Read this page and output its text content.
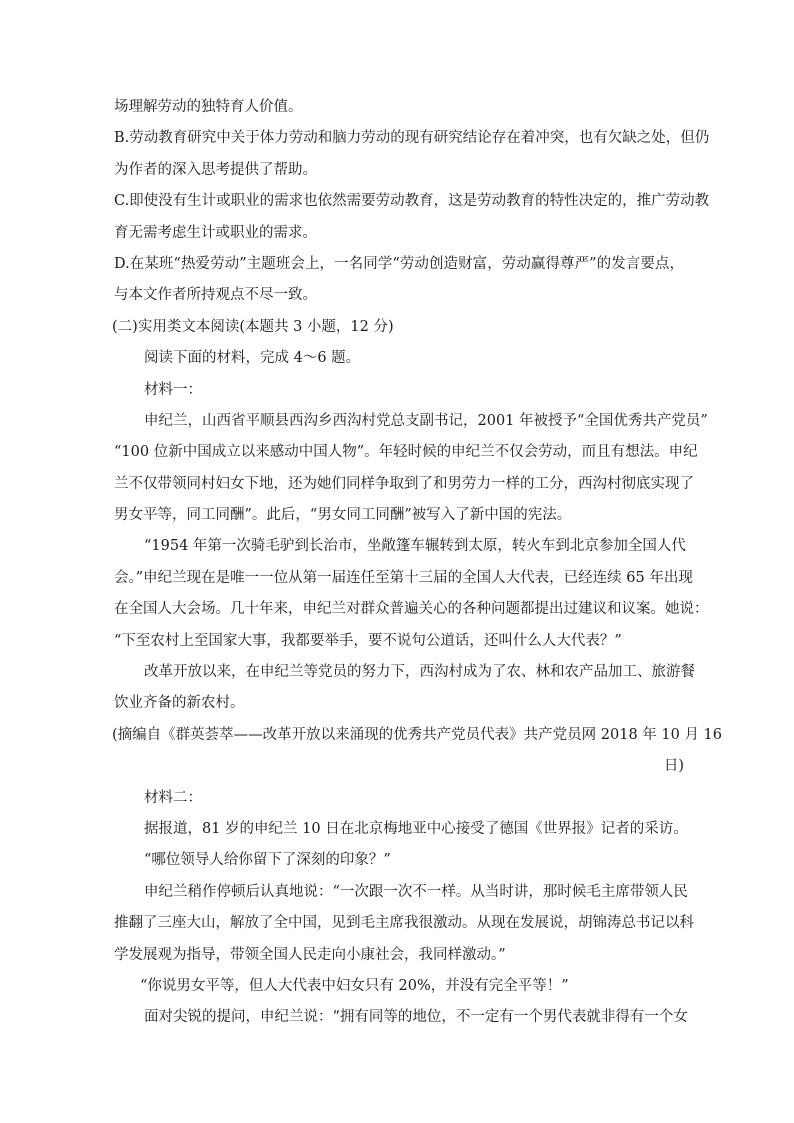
场理解劳动的独特育人价值。
B.劳动教育研究中关于体力劳动和脑力劳动的现有研究结论存在着冲突，也有欠缺之处，但仍
为作者的深入思考提供了帮助。
C.即使没有生计或职业的需求也依然需要劳动教育，这是劳动教育的特性决定的，推广劳动教
育无需考虑生计或职业的需求。
D.在某班“热爱劳动”主题班会上，一名同学“劳动创造财富，劳动赢得尊严”的发言要点，
与本文作者所持观点不尽一致。
(二)实用类文本阅读(本题共 3 小题，12 分)
阅读下面的材料，完成 4～6 题。
材料一：
申纪兰，山西省平顺县西沟乡西沟村党总支副书记，2001 年被授予“全国优秀共产党员”
“100 位新中国成立以来感动中国人物”。年轻时候的申纪兰不仅会劳动，而且有想法。申纪
兰不仅带领同村妇女下地，还为她们同样争取到了和男劳力一样的工分，西沟村彻底实现了
男女平等，同工同酬”。此后，“男女同工同酬”被写入了新中国的宪法。
“1954 年第一次骑毛驴到长治市，坐敞篷车辗转到太原，转火车到北京参加全国人代
会。”申纪兰现在是唯一一位从第一届连任至第十三届的全国人大代表，已经连续 65 年出现
在全国人大会场。几十年来，申纪兰对群众普遍关心的各种问题都提出过建议和议案。她说：
“下至农村上至国家大事，我都要举手，要不说句公道话，还叫什么人大代表？”
改革开放以来，在申纪兰等党员的努力下，西沟村成为了农、林和农产品加工、旅游餐
饮业齐备的新农村。
(摘编自《群英荟萃——改革开放以来涌现的优秀共产党员代表》共产党员网 2018 年 10 月 16
日)
材料二：
据报道，81 岁的申纪兰 10 日在北京梅地亚中心接受了德国《世界报》记者的采访。
“哪位领导人给你留下了深刻的印象？”
申纪兰稍作停顿后认真地说：“一次跟一次不一样。从当时讲，那时候毛主席带领人民
推翻了三座大山，解放了全中国，见到毛主席我很激动。从现在发展说，胡锦涛总书记以科
学发展观为指导，带领全国人民走向小康社会，我同样激动。”
“你说男女平等，但人大代表中妇女只有 20%，并没有完全平等！”
面对尖锐的提问，申纪兰说：“拥有同等的地位，不一定有一个男代表就非得有一个女
